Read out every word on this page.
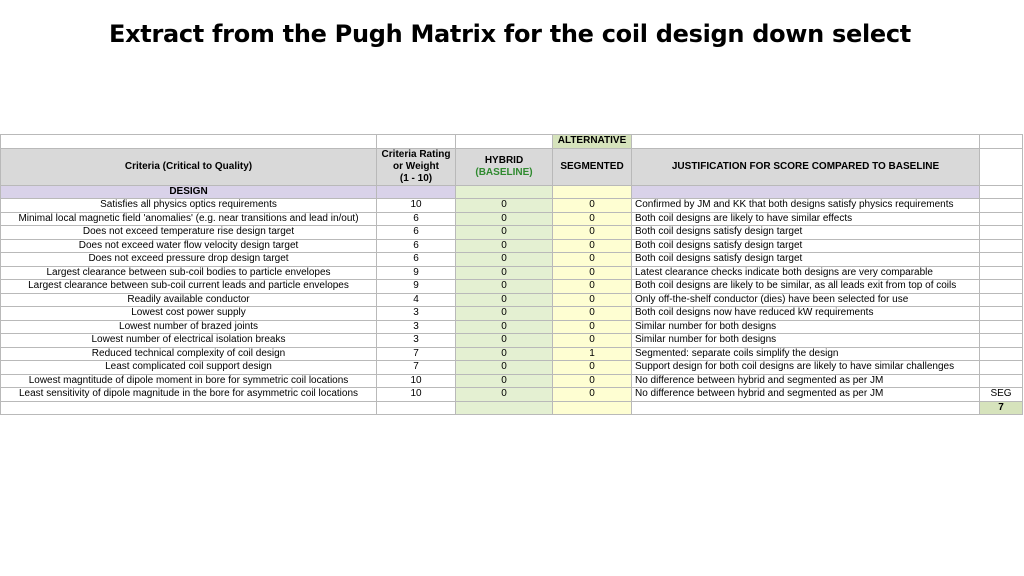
Extract from the Pugh Matrix for the coil design down select
			ALTERNATIVE		
Criteria (Critical to Quality)	Criteria Rating
or Weight
(1 - 10)	HYBRID
(BASELINE)	SEGMENTED	JUSTIFICATION FOR SCORE COMPARED TO BASELINE	
DESIGN					
Satisfies all physics optics requirements	10	0	0	Confirmed by JM and KK that both designs satisfy physics requirements	
Minimal local magnetic field 'anomalies' (e.g. near transitions and lead in/out)	6	0	0	Both coil designs are likely to have similar effects	
Does not exceed temperature rise design target	6	0	0	Both coil designs satisfy design target	
Does not exceed water flow velocity design target	6	0	0	Both coil designs satisfy design target	
Does not exceed pressure drop design target	6	0	0	Both coil designs satisfy design target	
Largest clearance between sub-coil bodies to particle envelopes	9	0	0	Latest clearance checks indicate both designs are very comparable	
Largest clearance between sub-coil current leads and particle envelopes	9	0	0	Both coil designs are likely to be similar, as all leads exit from top of coils	
Readily available conductor	4	0	0	Only off-the-shelf conductor (dies) have been selected for use	
Lowest cost power supply	3	0	0	Both coil designs now have reduced kW requirements	
Lowest number of brazed joints	3	0	0	Similar number for both designs	
Lowest number of electrical isolation breaks	3	0	0	Similar number for both designs	
Reduced technical complexity of coil design	7	0	1	Segmented: separate coils simplify the design	
Least complicated coil support design	7	0	0	Support design for both coil designs are likely to have similar challenges	
Lowest magntitude of dipole moment in bore for symmetric coil locations	10	0	0	No difference between hybrid and segmented as per JM	
Least sensitivity of dipole magnitude in the bore for asymmetric coil locations	10	0	0	No difference between hybrid and segmented as per JM	SEG
					7
